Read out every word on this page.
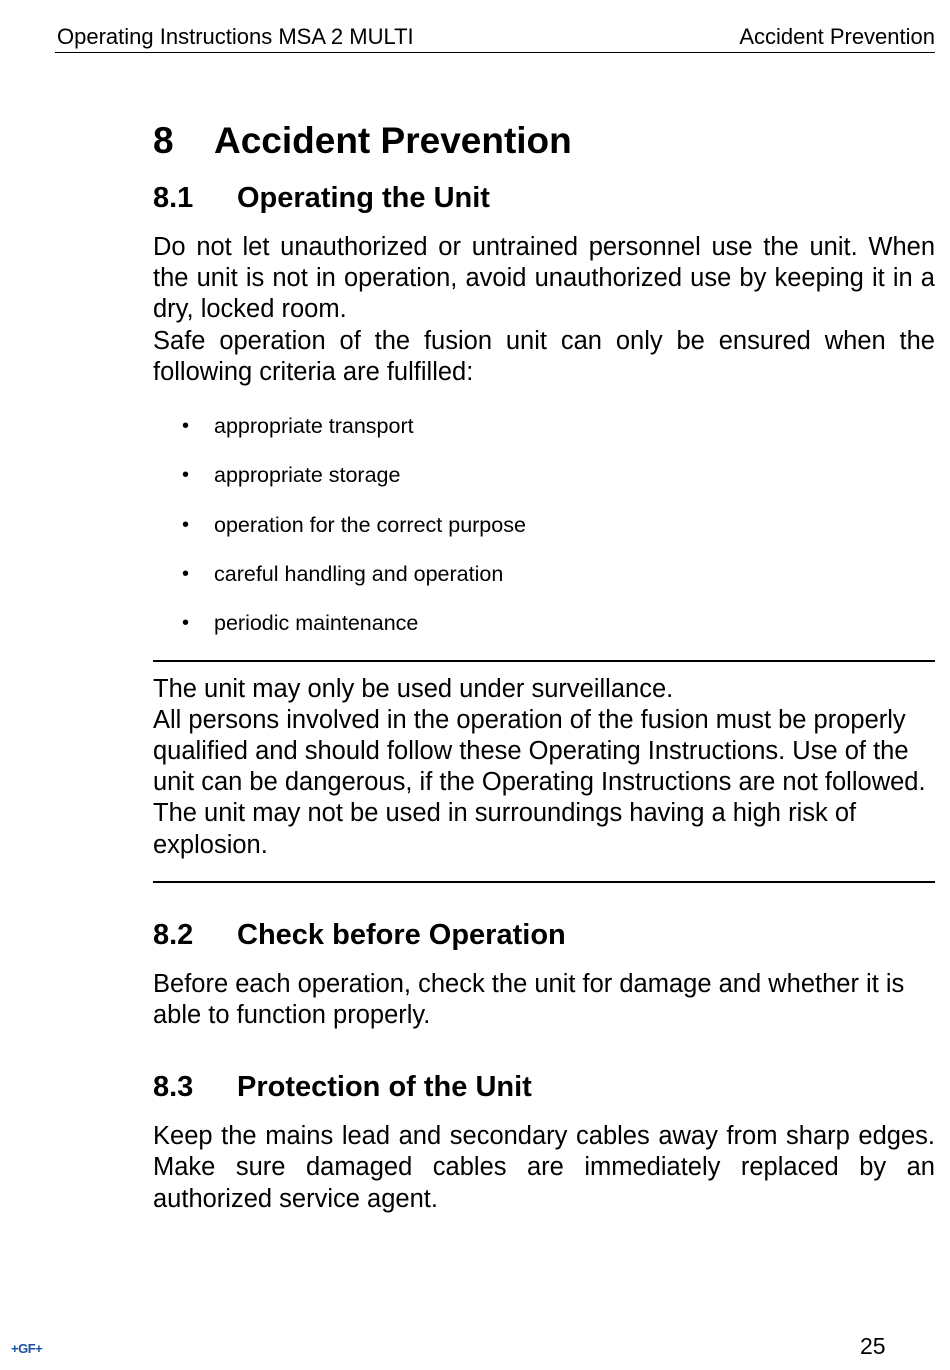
Operating Instructions MSA 2 MULTI	Accident Prevention
8 Accident Prevention
8.1 Operating the Unit

Do not let unauthorized or untrained personnel use the unit. When the unit is not in operation, avoid unauthorized use by keeping it in a dry, locked room.

Safe operation of the fusion unit can only be ensured when the following criteria are fulfilled:

• appropriate transport
• appropriate storage
• operation for the correct purpose
• careful handling and operation
• periodic maintenance

The unit may only be used under surveillance.

All persons involved in the operation of the fusion must be properly qualified and should follow these Operating Instructions. Use of the unit can be dangerous, if the Operating Instructions are not followed. The unit may not be used in surroundings having a high risk of explosion.

8.2 Check before Operation

Before each operation, check the unit for damage and whether it is able to function properly.

8.3 Protection of the Unit

Keep the mains lead and secondary cables away from sharp edges. Make sure damaged cables are immediately replaced by an authorized service agent.

+GF+	25
